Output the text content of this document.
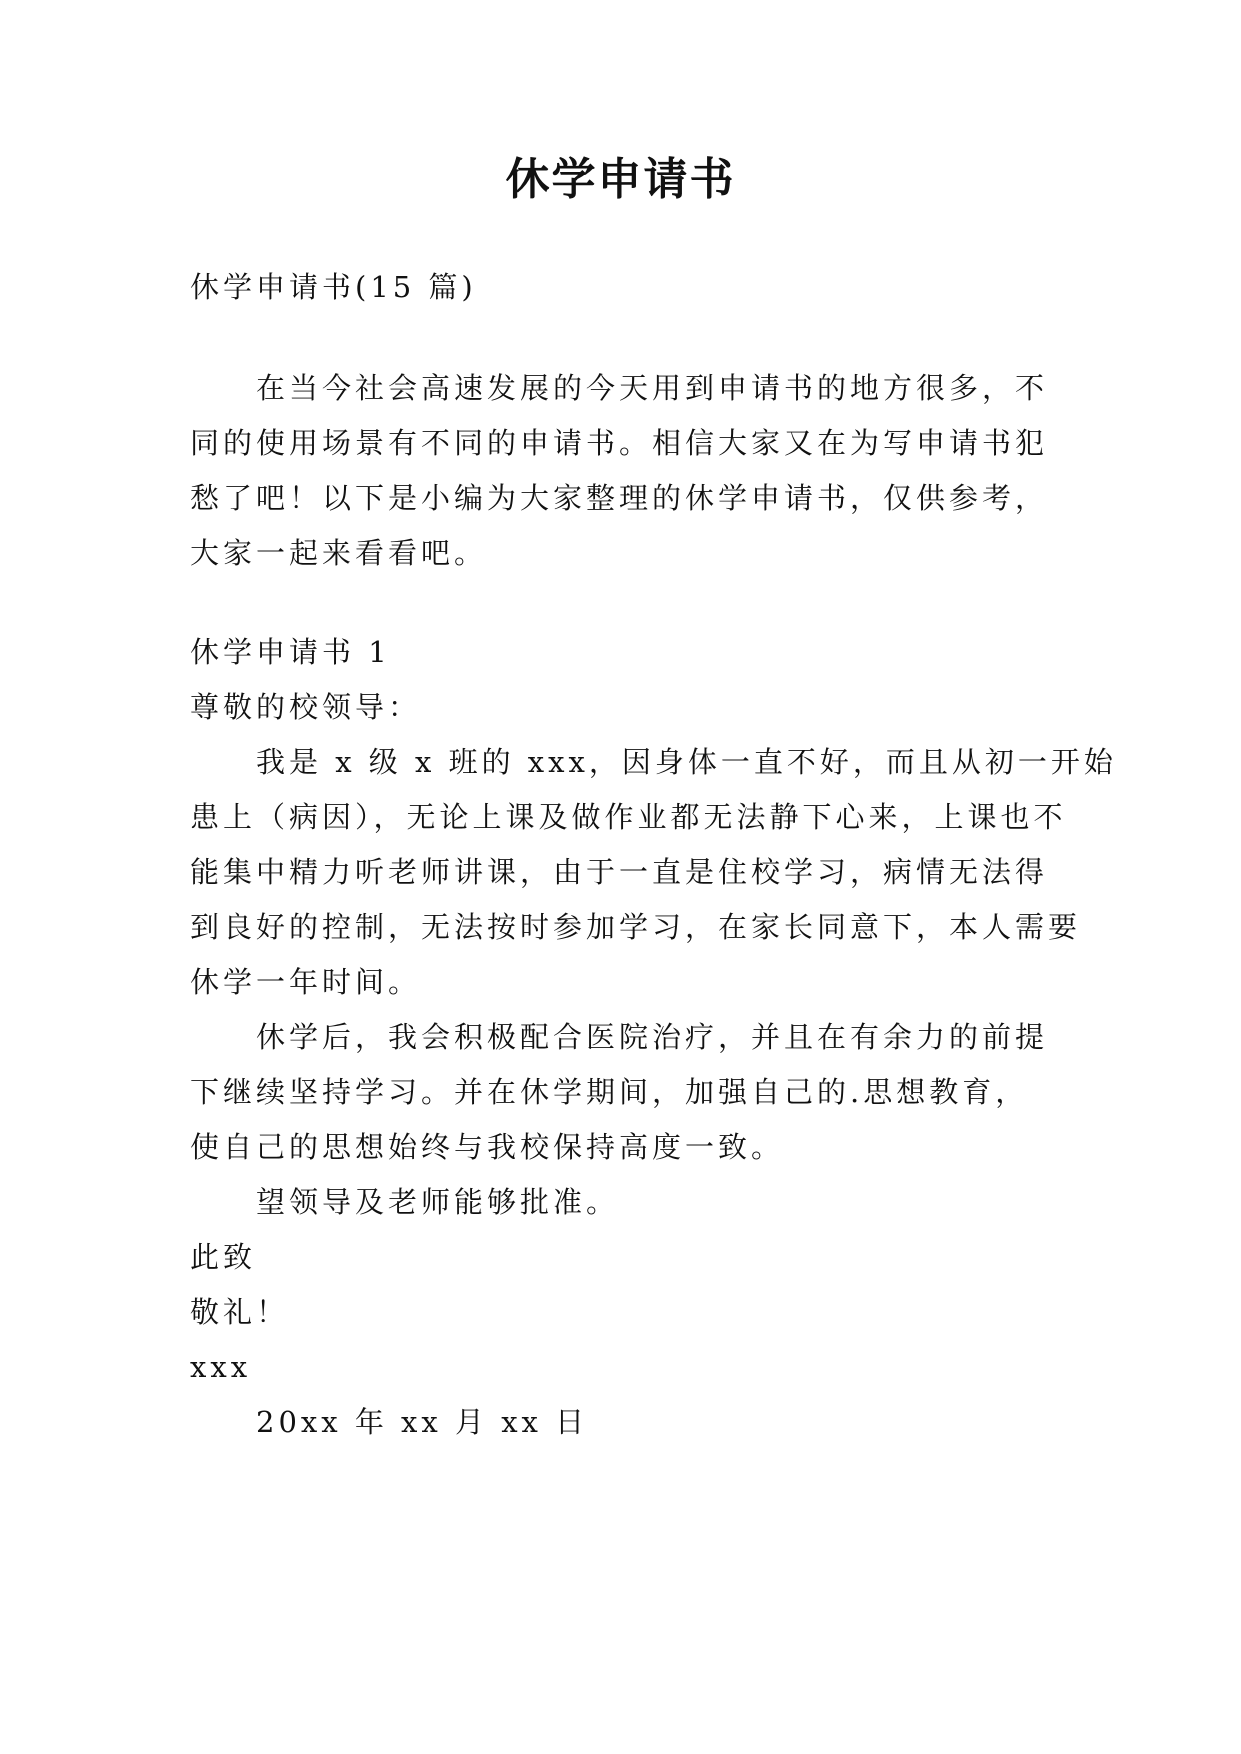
休学申请书
休学申请书(15 篇)
在当今社会高速发展的今天用到申请书的地方很多，不
同的使用场景有不同的申请书。相信大家又在为写申请书犯
愁了吧！以下是小编为大家整理的休学申请书，仅供参考，
大家一起来看看吧。
休学申请书 1
尊敬的校领导：
我是 x 级 x 班的 xxx，因身体一直不好，而且从初一开始
患上（病因），无论上课及做作业都无法静下心来，上课也不
能集中精力听老师讲课，由于一直是住校学习，病情无法得
到良好的控制，无法按时参加学习，在家长同意下，本人需要
休学一年时间。
休学后，我会积极配合医院治疗，并且在有余力的前提
下继续坚持学习。并在休学期间，加强自己的.思想教育，
使自己的思想始终与我校保持高度一致。
望领导及老师能够批准。
此致
敬礼！
xxx
20xx 年 xx 月 xx 日
